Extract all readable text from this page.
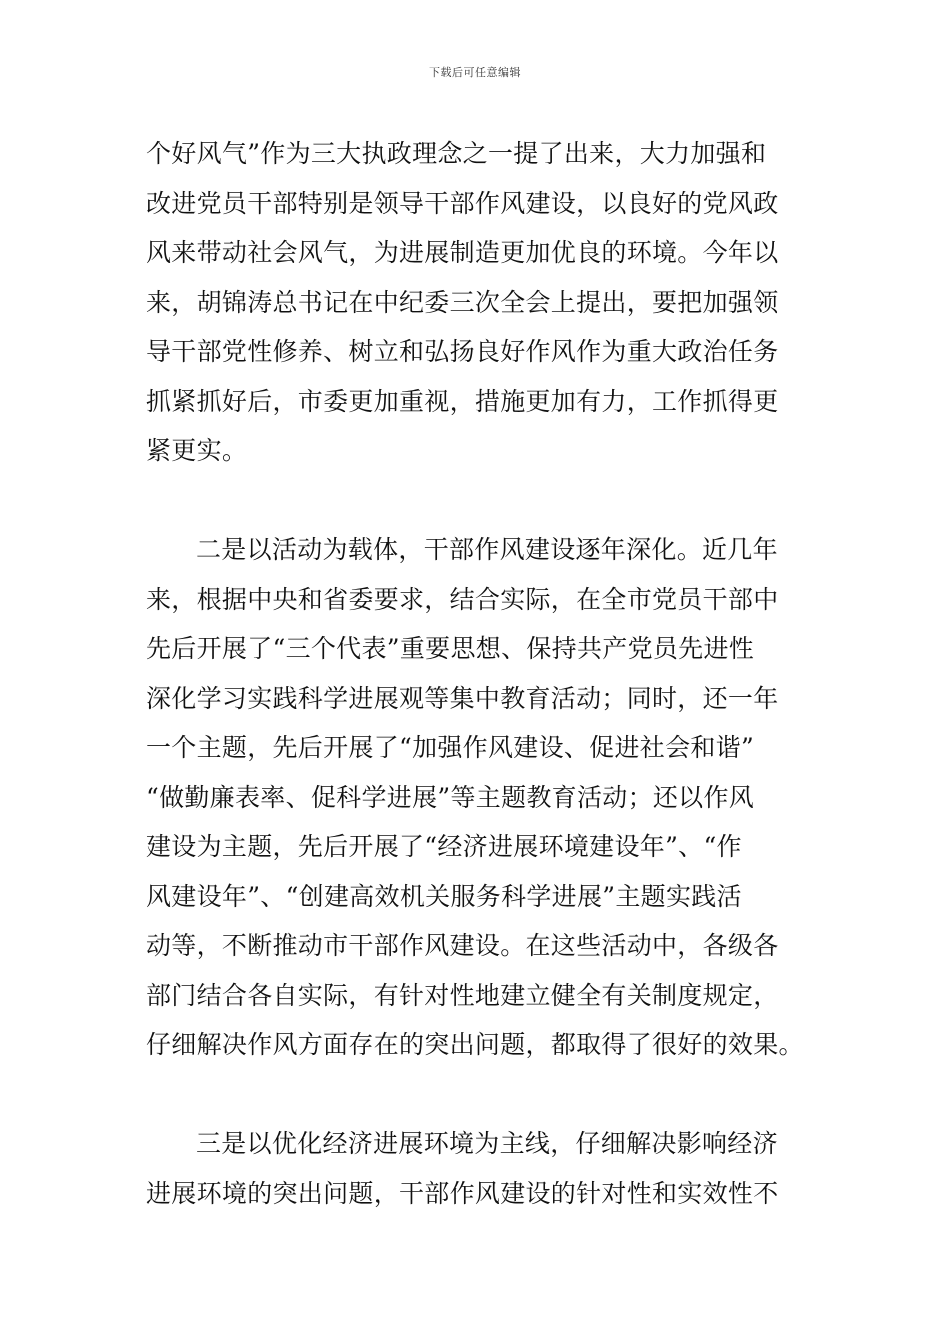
下载后可任意编辑
个好风气”作为三大执政理念之一提了出来，大力加强和
改进党员干部特别是领导干部作风建设，以良好的党风政
风来带动社会风气，为进展制造更加优良的环境。今年以
来，胡锦涛总书记在中纪委三次全会上提出，要把加强领
导干部党性修养、树立和弘扬良好作风作为重大政治任务
抓紧抓好后，市委更加重视，措施更加有力，工作抓得更
紧更实。
二是以活动为载体，干部作风建设逐年深化。近几年
来，根据中央和省委要求，结合实际，在全市党员干部中
先后开展了“三个代表”重要思想、保持共产党员先进性
深化学习实践科学进展观等集中教育活动；同时，还一年
一个主题，先后开展了“加强作风建设、促进社会和谐”
“做勤廉表率、促科学进展”等主题教育活动；还以作风
建设为主题，先后开展了“经济进展环境建设年”、“作
风建设年”、“创建高效机关服务科学进展”主题实践活
动等，不断推动市干部作风建设。在这些活动中，各级各
部门结合各自实际，有针对性地建立健全有关制度规定，
仔细解决作风方面存在的突出问题，都取得了很好的效果。
三是以优化经济进展环境为主线，仔细解决影响经济
进展环境的突出问题，干部作风建设的针对性和实效性不
